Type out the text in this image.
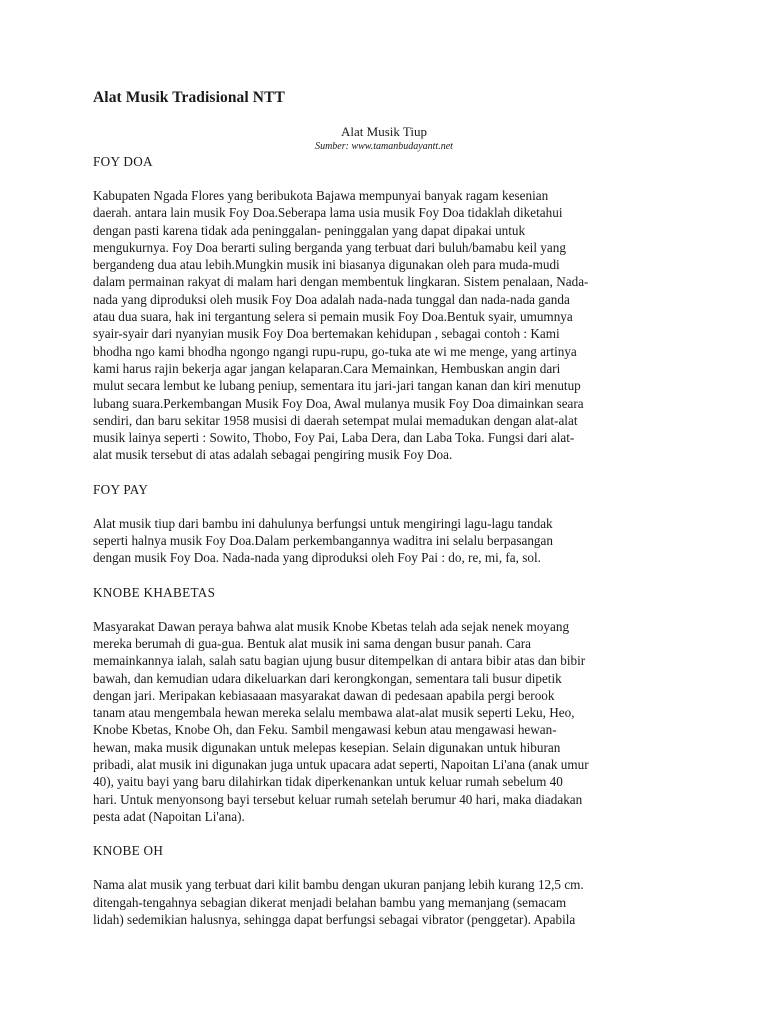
Alat Musik Tradisional NTT
Alat Musik Tiup
Sumber: www.tamanbudayantt.net
FOY DOA

Kabupaten Ngada Flores yang beribukota Bajawa mempunyai banyak ragam kesenian
daerah. antara lain musik Foy Doa.Seberapa lama usia musik Foy Doa tidaklah diketahui
dengan pasti karena tidak ada peninggalan- peninggalan yang dapat dipakai untuk
mengukurnya. Foy Doa berarti suling berganda yang terbuat dari buluh/bamabu keil yang
bergandeng dua atau lebih.Mungkin musik ini biasanya digunakan oleh para muda-mudi
dalam permainan rakyat di malam hari dengan membentuk lingkaran. Sistem penalaan, Nada-
nada yang diproduksi oleh musik Foy Doa adalah nada-nada tunggal dan nada-nada ganda
atau dua suara, hak ini tergantung selera si pemain musik Foy Doa.Bentuk syair, umumnya
syair-syair dari nyanyian musik Foy Doa bertemakan kehidupan , sebagai contoh : Kami
bhodha ngo kami bhodha ngongo ngangi rupu-rupu, go-tuka ate wi me menge, yang artinya
kami harus rajin bekerja agar jangan kelaparan.Cara Memainkan, Hembuskan angin dari
mulut secara lembut ke lubang peniup, sementara itu jari-jari tangan kanan dan kiri menutup
lubang suara.Perkembangan Musik Foy Doa, Awal mulanya musik Foy Doa dimainkan seara
sendiri, dan baru sekitar 1958 musisi di daerah setempat mulai memadukan dengan alat-alat
musik lainya seperti : Sowito, Thobo, Foy Pai, Laba Dera, dan Laba Toka. Fungsi dari alat-
alat musik tersebut di atas adalah sebagai pengiring musik Foy Doa.

FOY PAY

Alat musik tiup dari bambu ini dahulunya berfungsi untuk mengiringi lagu-lagu tandak
seperti halnya musik Foy Doa.Dalam perkembangannya waditra ini selalu berpasangan
dengan musik Foy Doa. Nada-nada yang diproduksi oleh Foy Pai : do, re, mi, fa, sol.

KNOBE KHABETAS

Masyarakat Dawan peraya bahwa alat musik Knobe Kbetas telah ada sejak nenek moyang
mereka berumah di gua-gua. Bentuk alat musik ini sama dengan busur panah. Cara
memainkannya ialah, salah satu bagian ujung busur ditempelkan di antara bibir atas dan bibir
bawah, dan kemudian udara dikeluarkan dari kerongkongan, sementara tali busur dipetik
dengan jari. Meripakan kebiasaaan masyarakat dawan di pedesaan apabila pergi berook
tanam atau mengembala hewan mereka selalu membawa alat-alat musik seperti Leku, Heo,
Knobe Kbetas, Knobe Oh, dan Feku. Sambil mengawasi kebun atau mengawasi hewan-
hewan, maka musik digunakan untuk melepas kesepian. Selain digunakan untuk hiburan
pribadi, alat musik ini digunakan juga untuk upacara adat seperti, Napoitan Li'ana (anak umur
40), yaitu bayi yang baru dilahirkan tidak diperkenankan untuk keluar rumah sebelum 40
hari. Untuk menyonsong bayi tersebut keluar rumah setelah berumur 40 hari, maka diadakan
pesta adat (Napoitan Li'ana).

KNOBE OH

Nama alat musik yang terbuat dari kilit bambu dengan ukuran panjang lebih kurang 12,5 cm.
ditengah-tengahnya sebagian dikerat menjadi belahan bambu yang memanjang (semacam
lidah) sedemikian halusnya, sehingga dapat berfungsi sebagai vibrator (penggetar). Apabila
